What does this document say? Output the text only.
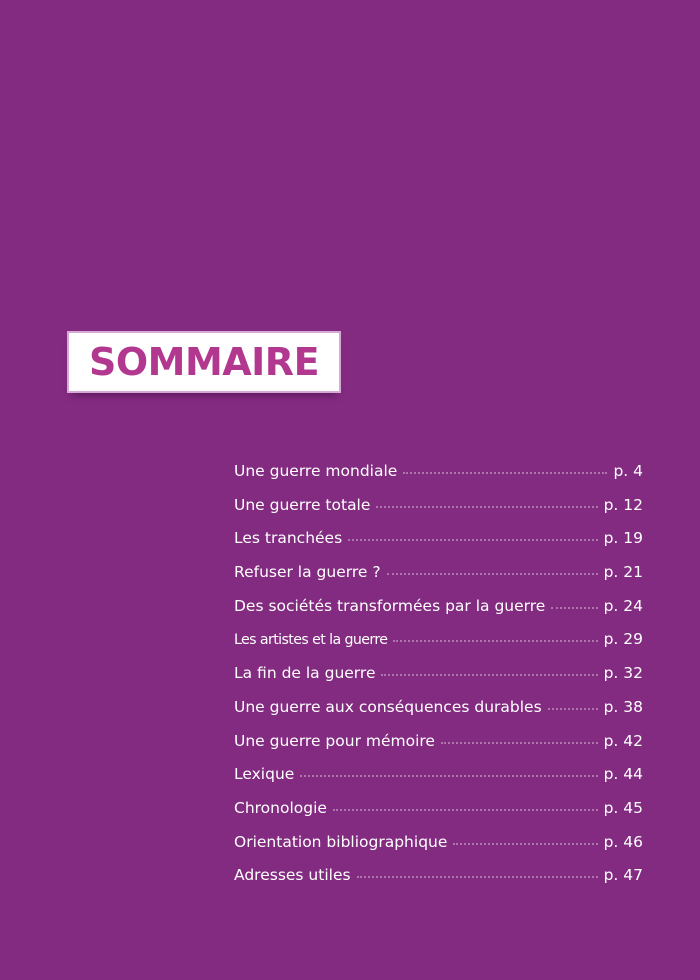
SOMMAIRE
Une guerre mondiale	p. 4
Une guerre totale	p. 12
Les tranchées	p. 19
Refuser la guerre ?	p. 21
Des sociétés transformées par la guerre	p. 24
Les artistes et la guerre	p. 29
La fin de la guerre	p. 32
Une guerre aux conséquences durables	p. 38
Une guerre pour mémoire	p. 42
Lexique	p. 44
Chronologie	p. 45
Orientation bibliographique	p. 46
Adresses utiles	p. 47
